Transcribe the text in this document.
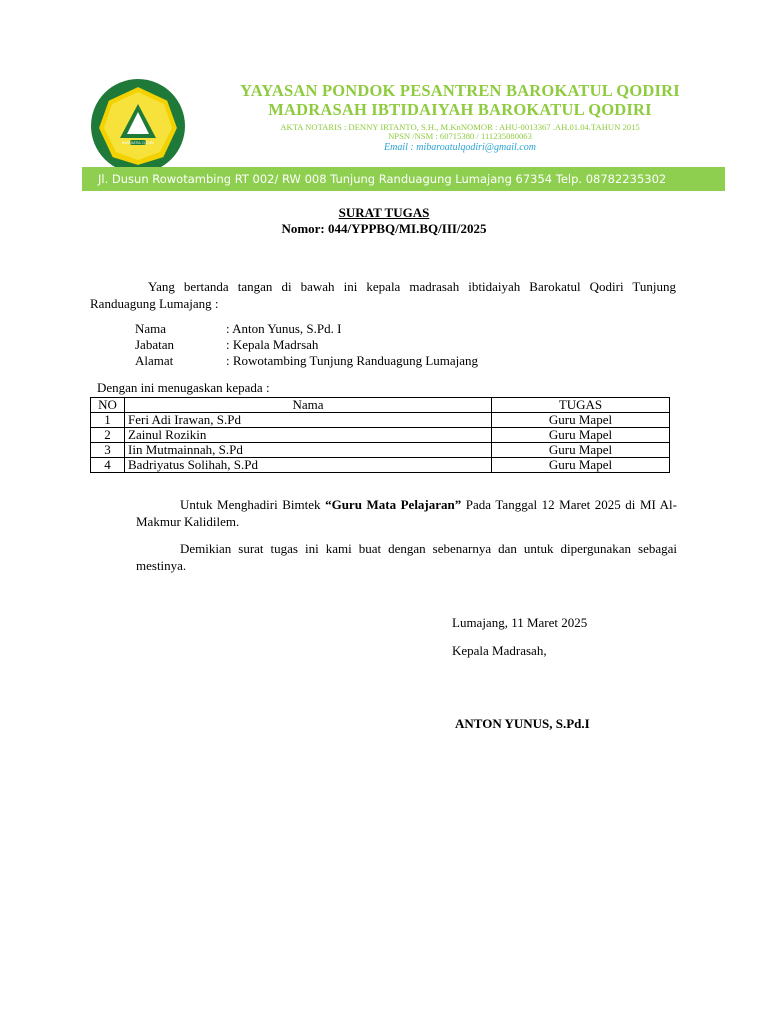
BAROKATUL QODIRI
YAYASAN PONDOK PESANTREN BAROKATUL QODIRI
MADRASAH IBTIDAIYAH BAROKATUL QODIRI
AKTA NOTARIS : DENNY IRTANTO, S.H., M.KnNOMOR : AHU-0013367 .AH.01.04.TAHUN 2015
NPSN /NSM : 60715380 / 111235080063
Email : mibaroatulqodiri@gmail.com
Jl. Dusun Rowotambing RT 002/ RW 008 Tunjung Randuagung Lumajang 67354 Telp. 08782235302
SURAT TUGAS
Nomor: 044/YPPBQ/MI.BQ/III/2025
Yang bertanda tangan di bawah ini kepala madrasah ibtidaiyah Barokatul Qodiri Tunjung Randuagung Lumajang :
Nama	: Anton Yunus, S.Pd. I
Jabatan	: Kepala Madrsah
Alamat	: Rowotambing Tunjung Randuagung Lumajang
Dengan ini menugaskan kepada :
NO	Nama	TUGAS
1	Feri Adi Irawan, S.Pd	Guru Mapel
2	Zainul Rozikin	Guru Mapel
3	Iin Mutmainnah, S.Pd	Guru Mapel
4	Badriyatus Solihah, S.Pd	Guru Mapel
Untuk Menghadiri Bimtek “Guru Mata Pelajaran” Pada Tanggal 12 Maret 2025 di MI Al-Makmur Kalidilem.
Demikian surat tugas ini kami buat dengan sebenarnya dan untuk dipergunakan sebagai mestinya.
Lumajang, 11 Maret 2025
Kepala Madrasah,
ANTON YUNUS, S.Pd.I
